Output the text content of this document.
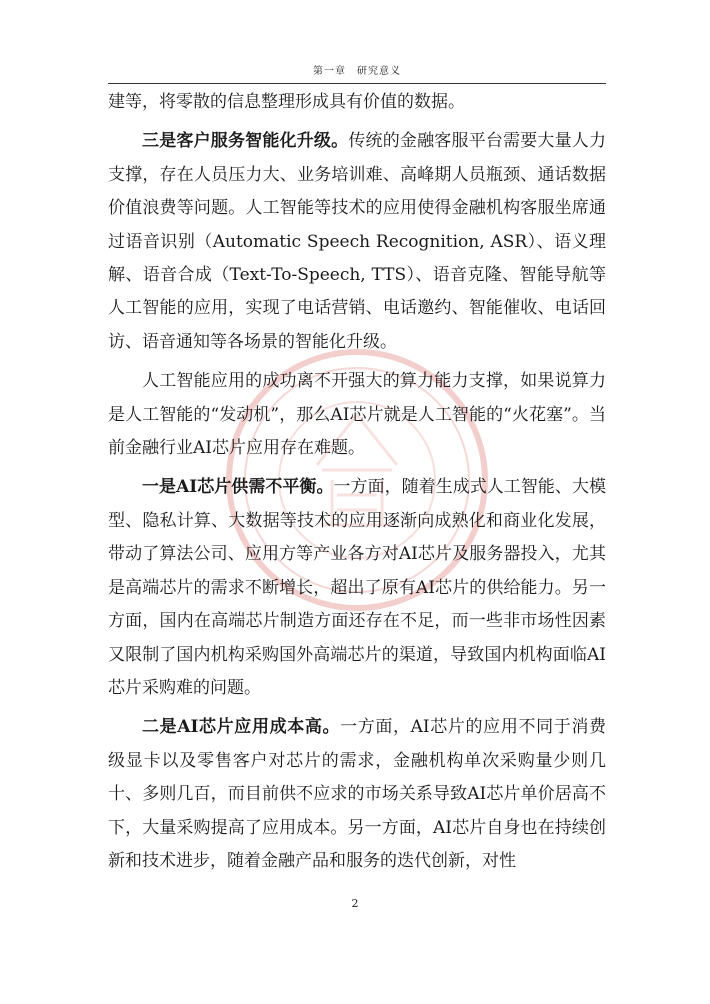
第一章　研究意义

建等，将零散的信息整理形成具有价值的数据。

三是客户服务智能化升级。传统的金融客服平台需要大量人力支撑，存在人员压力大、业务培训难、高峰期人员瓶颈、通话数据价值浪费等问题。人工智能等技术的应用使得金融机构客服坐席通过语音识别（Automatic Speech Recognition, ASR）、语义理解、语音合成（Text-To-Speech, TTS）、语音克隆、智能导航等人工智能的应用，实现了电话营销、电话邀约、智能催收、电话回访、语音通知等各场景的智能化升级。

人工智能应用的成功离不开强大的算力能力支撑，如果说算力是人工智能的“发动机”，那么AI芯片就是人工智能的“火花塞”。当前金融行业AI芯片应用存在难题。

一是AI芯片供需不平衡。一方面，随着生成式人工智能、大模型、隐私计算、大数据等技术的应用逐渐向成熟化和商业化发展，带动了算法公司、应用方等产业各方对AI芯片及服务器投入，尤其是高端芯片的需求不断增长，超出了原有AI芯片的供给能力。另一方面，国内在高端芯片制造方面还存在不足，而一些非市场性因素又限制了国内机构采购国外高端芯片的渠道，导致国内机构面临AI芯片采购难的问题。

二是AI芯片应用成本高。一方面，AI芯片的应用不同于消费级显卡以及零售客户对芯片的需求，金融机构单次采购量少则几十、多则几百，而目前供不应求的市场关系导致AI芯片单价居高不下，大量采购提高了应用成本。另一方面，AI芯片自身也在持续创新和技术进步，随着金融产品和服务的迭代创新，对性

2
